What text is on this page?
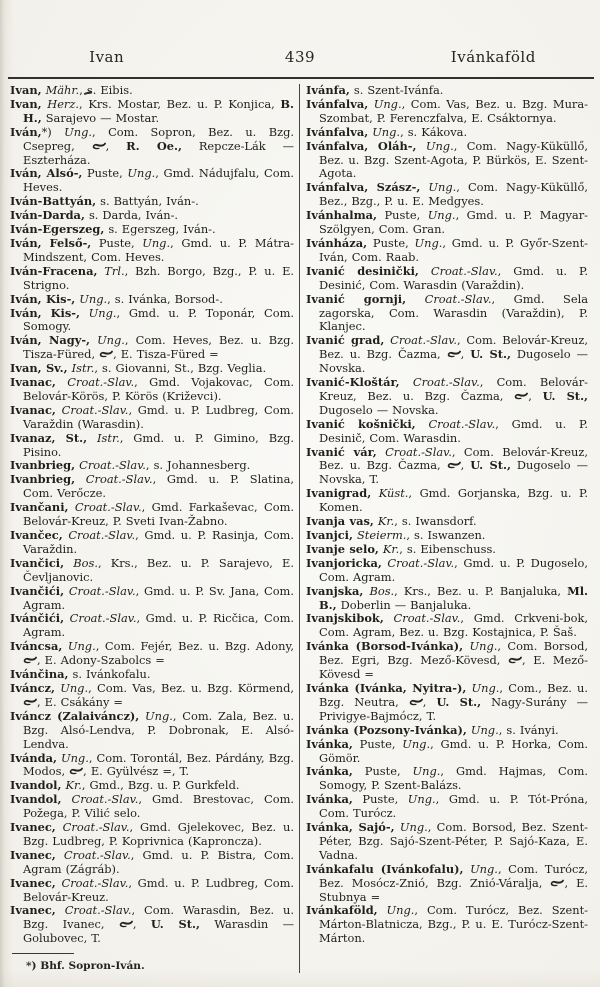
Ivan	439	Ivánkaföld

Ivan, Mähr., s. Eibis.

Ivan, Herz., Krs. Mostar, Bez. u. P. Konjica, B. H., Sarajevo — Mostar.

Iván,*) Ung., Com. Sopron, Bez. u. Bzg. Csepreg,
, R. Oe., Repcze-Lák — Eszterháza.

Iván, Alsó-, Puste, Ung., Gmd. Nádujfalu, Com. Heves.

Iván-Battyán, s. Battyán, Iván-.

Iván-Darda, s. Darda, Iván-.

Iván-Egerszeg, s. Egerszeg, Iván-.

Iván, Felső-, Puste, Ung., Gmd. u. P. Mátra-Mindszent, Com. Heves.

Iván-Fracena, Trl., Bzh. Borgo, Bzg., P. u. E. Strigno.

Iván, Kis-, Ung., s. Ivánka, Borsod-.

Iván, Kis-, Ung., Gmd. u. P. Toponár, Com. Somogy.

Iván, Nagy-, Ung., Com. Heves, Bez. u. Bzg. Tisza-Füred,
, E. Tisza-Füred =

Ivan, Sv., Istr., s. Giovanni, St., Bzg. Veglia.

Ivanac, Croat.-Slav., Gmd. Vojakovac, Com. Belovár-Körös, P. Körös (Križevci).

Ivanac, Croat.-Slav., Gmd. u. P. Ludbreg, Com. Varaždin (Warasdin).

Ivanaz, St., Istr., Gmd. u. P. Gimino, Bzg. Pisino.

Ivanbrieg, Croat.-Slav., s. Johannesberg.

Ivanbrieg, Croat.-Slav., Gmd. u. P. Slatina, Com. Verőcze.

Ivančani, Croat.-Slav., Gmd. Farkaševac, Com. Belovár-Kreuz, P. Sveti Ivan-Žabno.

Ivančec, Croat.-Slav., Gmd. u. P. Rasinja, Com. Varaždin.

Ivančici, Bos., Krs., Bez. u. P. Sarajevo, E. Čevljanovic.

Ivančići, Croat.-Slav., Gmd. u. P. Sv. Jana, Com. Agram.

Ivánčići, Croat.-Slav., Gmd. u. P. Ricčica, Com. Agram.

Iváncsa, Ung., Com. Fejér, Bez. u. Bzg. Adony,
, E. Adony-Szabolcs =

Ivánčina, s. Ivánkofalu.

Iváncz, Ung., Com. Vas, Bez. u. Bzg. Körmend,
, E. Csákány =

Iváncz (Zalaiváncz), Ung., Com. Zala, Bez. u. Bzg. Alsó-Lendva, P. Dobronak, E. Alsó-Lendva.

Ivánda, Ung., Com. Torontál, Bez. Párdány, Bzg. Modos,
, E. Gyülvész =, T.

Ivandol, Kr., Gmd., Bzg. u. P. Gurkfeld.

Ivandol, Croat.-Slav., Gmd. Brestovac, Com. Požega, P. Vilić selo.

Ivanec, Croat.-Slav., Gmd. Gjelekovec, Bez. u. Bzg. Ludbreg, P. Koprivnica (Kaproncza).

Ivanec, Croat.-Slav., Gmd. u. P. Bistra, Com. Agram (Zágráb).

Ivanec, Croat.-Slav., Gmd. u. P. Ludbreg, Com. Belovár-Kreuz.

Ivanec, Croat.-Slav., Com. Warasdin, Bez. u. Bzg. Ivanec,
, U. St., Warasdin — Golubovec, T.

*) Bhf. Sopron-Iván.

Ivánfa, s. Szent-Ivánfa.

Ivánfalva, Ung., Com. Vas, Bez. u. Bzg. Mura-Szombat, P. Ferenczfalva, E. Csáktornya.

Ivánfalva, Ung., s. Kákova.

Ivánfalva, Oláh-, Ung., Com. Nagy-Küküllő, Bez. u. Bzg. Szent-Agota, P. Bürkös, E. Szent-Agota.

Ivánfalva, Szász-, Ung., Com. Nagy-Küküllő, Bez., Bzg., P. u. E. Medgyes.

Ivánhalma, Puste, Ung., Gmd. u. P. Magyar-Szölgyen, Com. Gran.

Ivánháza, Puste, Ung., Gmd. u. P. Győr-Szent-Iván, Com. Raab.

Ivanić desinički, Croat.-Slav., Gmd. u. P. Desinić, Com. Warasdin (Varaždin).

Ivanić gornji, Croat.-Slav., Gmd. Sela zagorska, Com. Warasdin (Varaždin), P. Klanjec.

Ivanić grad, Croat.-Slav., Com. Belovár-Kreuz, Bez. u. Bzg. Čazma,
, U. St., Dugoselo — Novska.

Ivanić-Kloštár, Croat.-Slav., Com. Belovár-Kreuz, Bez. u. Bzg. Čazma,
, U. St., Dugoselo — Novska.

Ivanić košnički, Croat.-Slav., Gmd. u. P. Desinič, Com. Warasdin.

Ivanić vár, Croat.-Slav., Com. Belovár-Kreuz, Bez. u. Bzg. Čazma,
, U. St., Dugoselo — Novska, T.

Ivanigrad, Küst., Gmd. Gorjanska, Bzg. u. P. Komen.

Ivanja vas, Kr., s. Iwansdorf.

Ivanjci, Steierm., s. Iswanzen.

Ivanje selo, Kr., s. Eibenschuss.

Ivanjoricka, Croat.-Slav., Gmd. u. P. Dugoselo, Com. Agram.

Ivanjska, Bos., Krs., Bez. u. P. Banjaluka, Ml. B., Doberlin — Banjaluka.

Ivanjskibok, Croat.-Slav., Gmd. Crkveni-bok, Com. Agram, Bez. u. Bzg. Kostajnica, P. Šaš.

Ivánka (Borsod-Ivánka), Ung., Com. Borsod, Bez. Egri, Bzg. Mező-Kövesd,
, E. Mező-Kövesd =

Ivánka (Ivánka, Nyitra-), Ung., Com., Bez. u. Bzg. Neutra,
, U. St., Nagy-Surány — Privigye-Bajmócz, T.

Ivánka (Pozsony-Ivánka), Ung., s. Iványi.

Ivánka, Puste, Ung., Gmd. u. P. Horka, Com. Gömör.

Ivánka, Puste, Ung., Gmd. Hajmas, Com. Somogy, P. Szent-Balázs.

Ivánka, Puste, Ung., Gmd. u. P. Tót-Próna, Com. Turócz.

Ivánka, Sajó-, Ung., Com. Borsod, Bez. Szent-Péter, Bzg. Sajó-Szent-Péter, P. Sajó-Kaza, E. Vadna.

Ivánkafalu (Ivánkofalu), Ung., Com. Turócz, Bez. Mosócz-Znió, Bzg. Znió-Váralja,
, E. Stubnya =

Ivánkaföld, Ung., Com. Turócz, Bez. Szent-Márton-Blatnicza, Bzg., P. u. E. Turócz-Szent-Márton.
